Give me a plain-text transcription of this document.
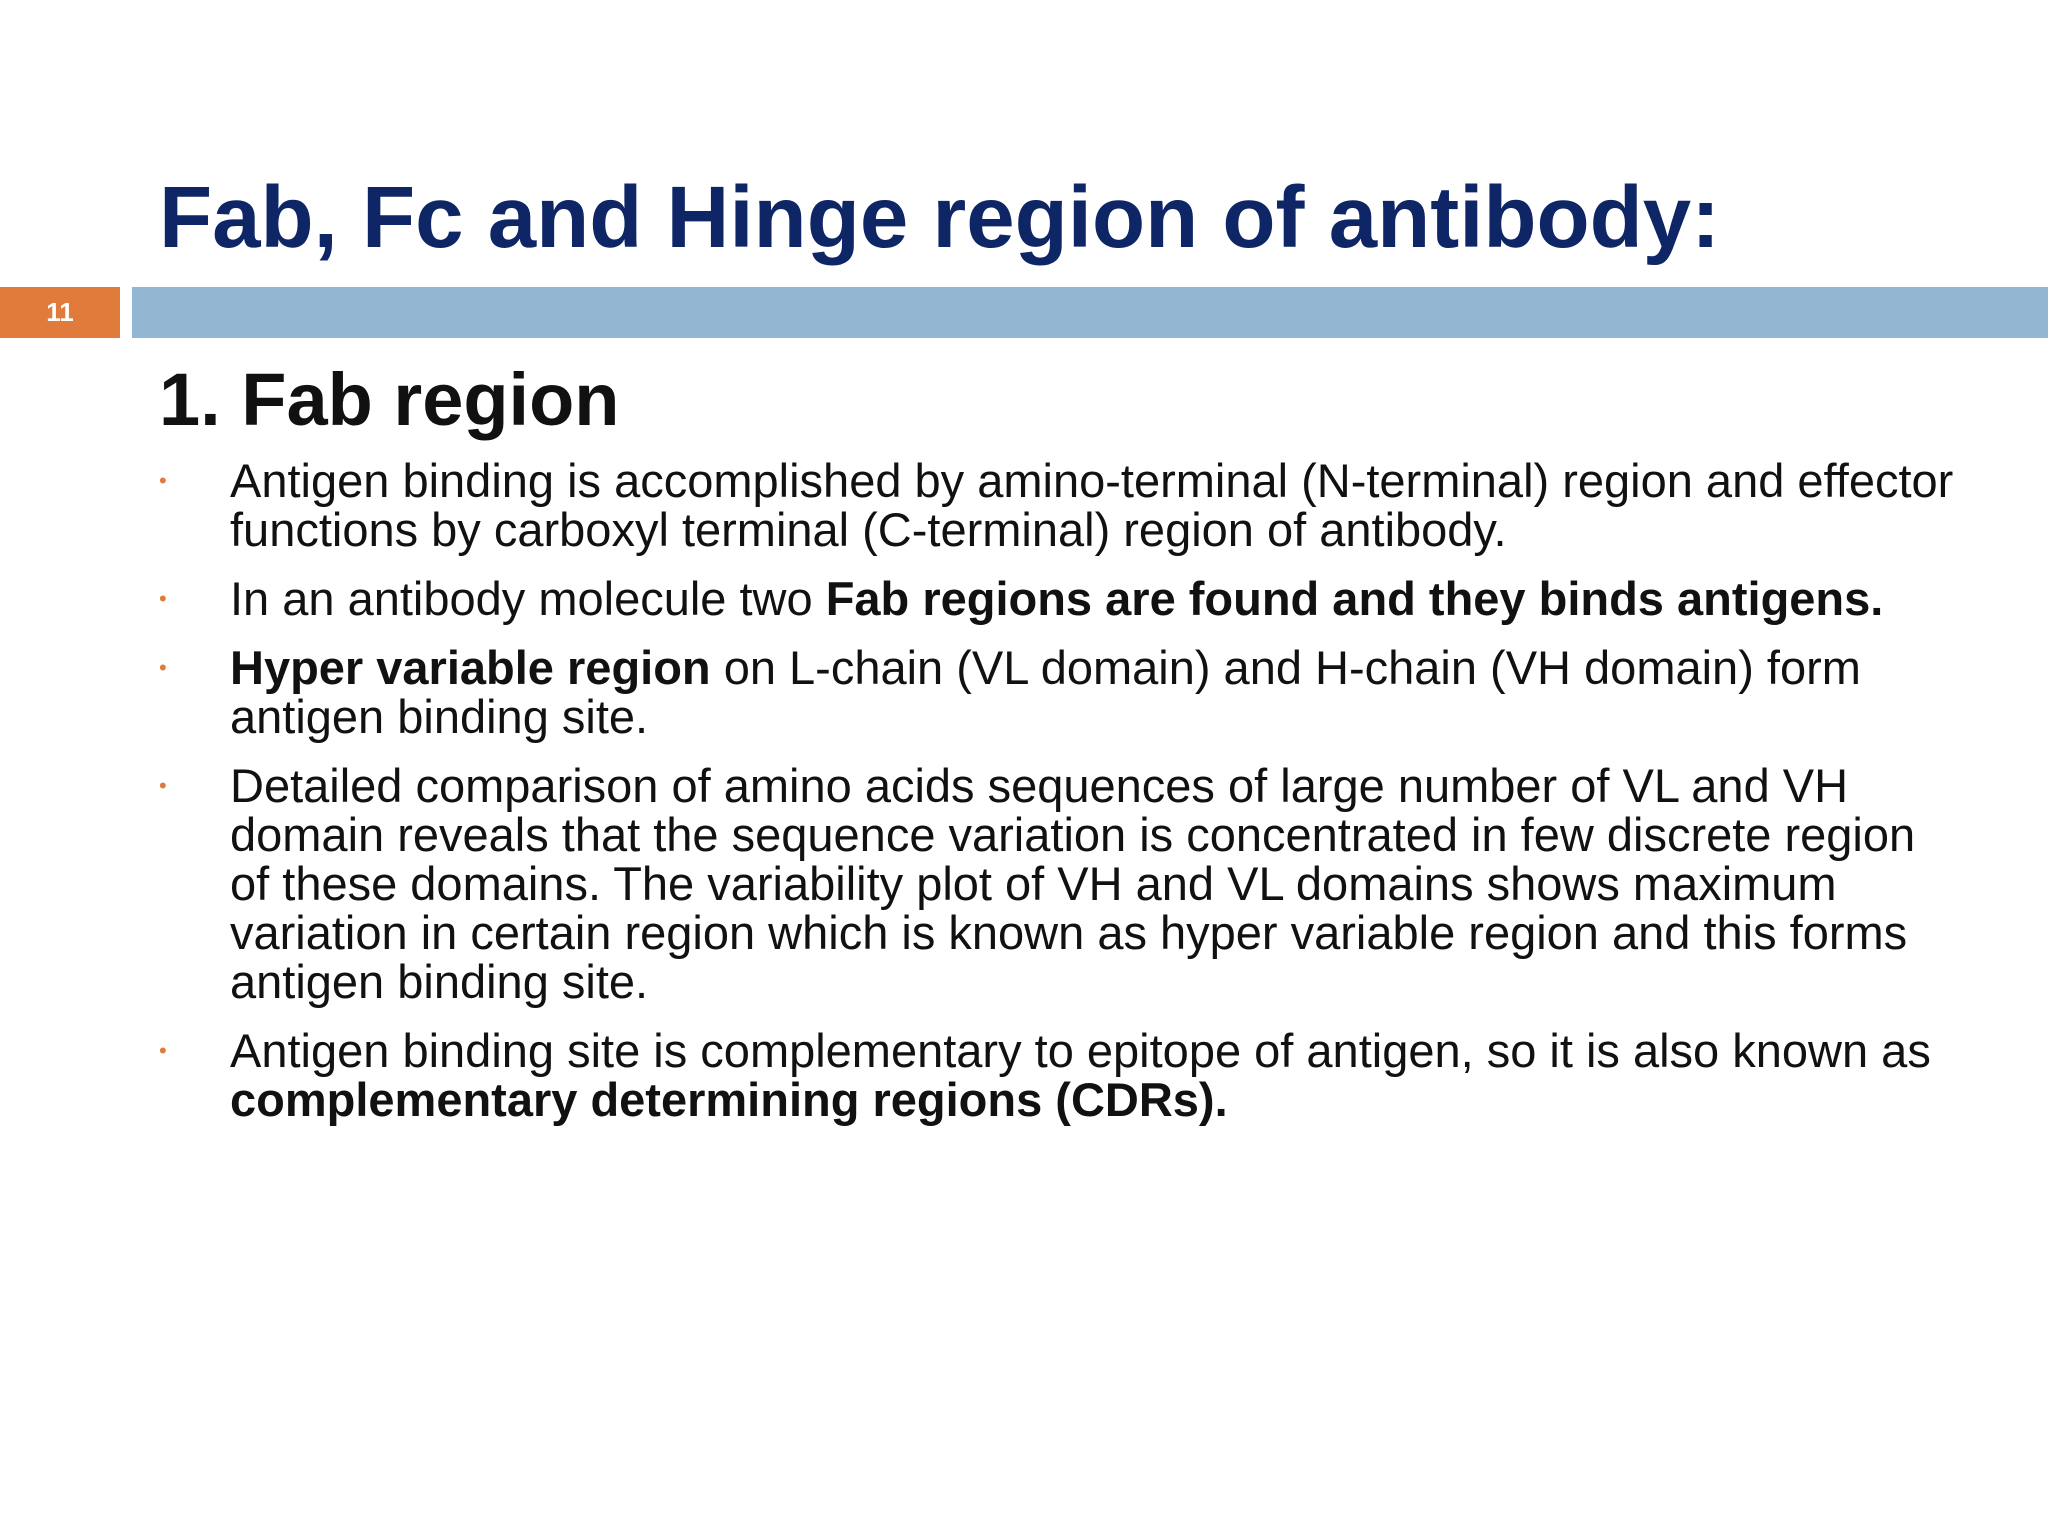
Fab, Fc and Hinge region of antibody:
11
1. Fab region
• Antigen binding is accomplished by amino-terminal (N-terminal) region and effector functions by carboxyl terminal (C-terminal) region of antibody.
• In an antibody molecule two Fab regions are found and they binds antigens.
• Hyper variable region on L-chain (VL domain) and H-chain (VH domain) form antigen binding site.
• Detailed comparison of amino acids sequences of large number of VL and VH domain reveals that the sequence variation is concentrated in few discrete region of these domains. The variability plot of VH and VL domains shows maximum variation in certain region which is known as hyper variable region and this forms antigen binding site.
• Antigen binding site is complementary to epitope of antigen, so it is also known as complementary determining regions (CDRs).
